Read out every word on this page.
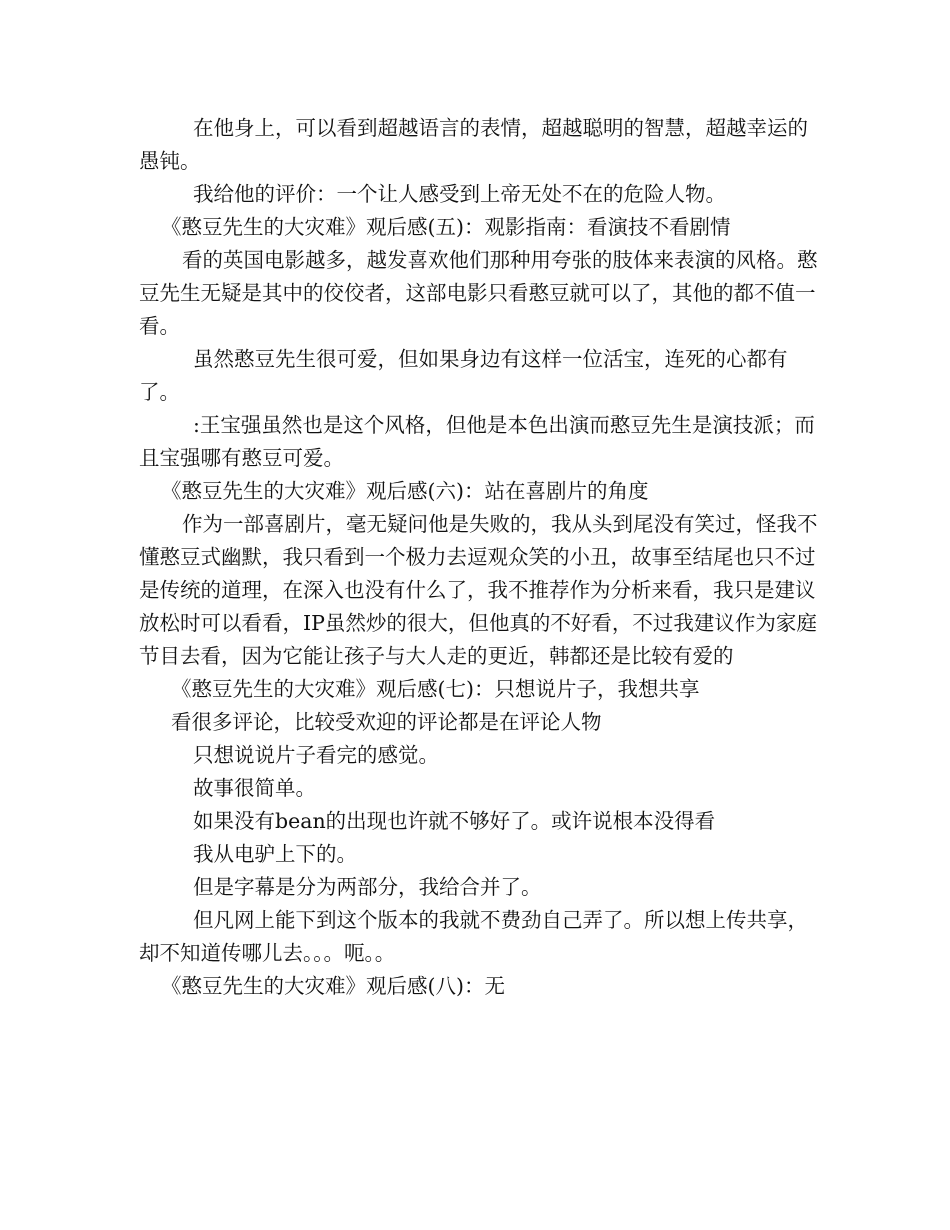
在他身上，可以看到超越语言的表情，超越聪明的智慧，超越幸运的愚钝。

我给他的评价：一个让人感受到上帝无处不在的危险人物。

《憨豆先生的大灾难》观后感(五)：观影指南：看演技不看剧情

看的英国电影越多，越发喜欢他们那种用夸张的肢体来表演的风格。憨豆先生无疑是其中的佼佼者，这部电影只看憨豆就可以了，其他的都不值一看。

虽然憨豆先生很可爱，但如果身边有这样一位活宝，连死的心都有了。

:王宝强虽然也是这个风格，但他是本色出演而憨豆先生是演技派；而且宝强哪有憨豆可爱。

《憨豆先生的大灾难》观后感(六)：站在喜剧片的角度

作为一部喜剧片，毫无疑问他是失败的，我从头到尾没有笑过，怪我不懂憨豆式幽默，我只看到一个极力去逗观众笑的小丑，故事至结尾也只不过是传统的道理，在深入也没有什么了，我不推荐作为分析来看，我只是建议放松时可以看看，IP虽然炒的很大，但他真的不好看，不过我建议作为家庭节目去看，因为它能让孩子与大人走的更近，韩都还是比较有爱的

《憨豆先生的大灾难》观后感(七)：只想说片子，我想共享

看很多评论，比较受欢迎的评论都是在评论人物

只想说说片子看完的感觉。

故事很简单。

如果没有bean的出现也许就不够好了。或许说根本没得看

我从电驴上下的。

但是字幕是分为两部分，我给合并了。

但凡网上能下到这个版本的我就不费劲自己弄了。所以想上传共享，却不知道传哪儿去。。。呃。。

《憨豆先生的大灾难》观后感(八)：无
